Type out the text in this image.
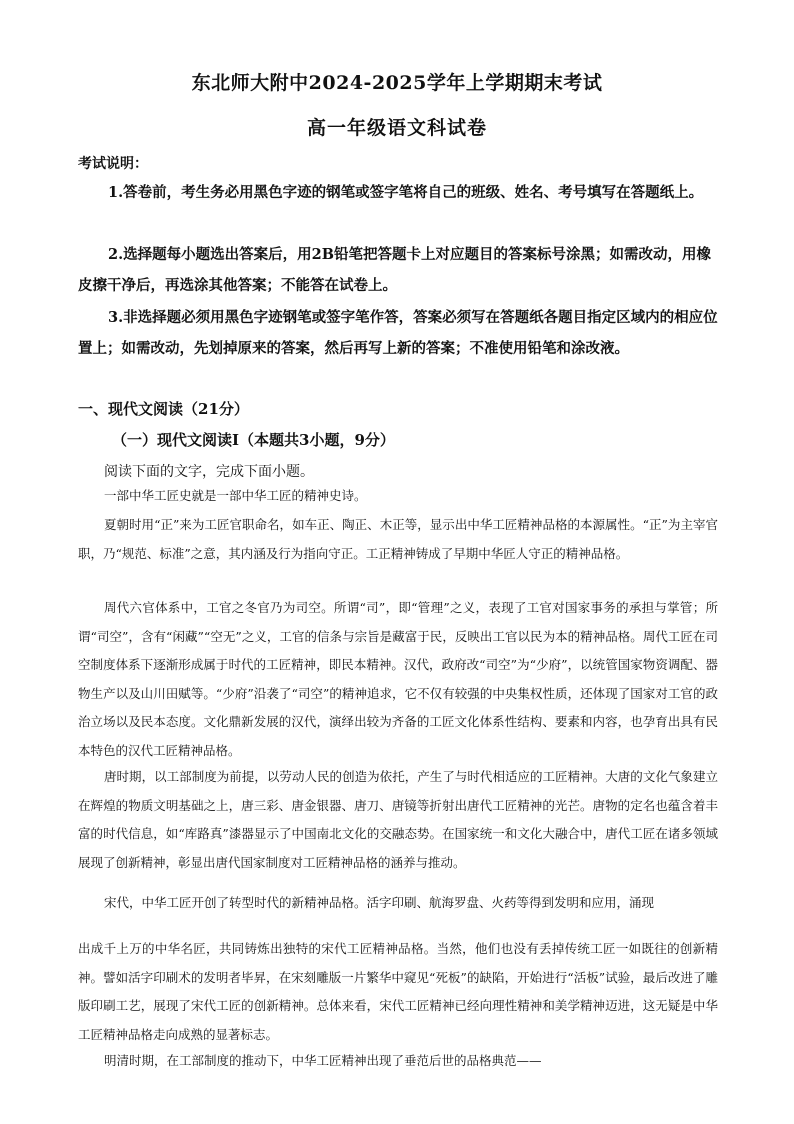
东北师大附中2024-2025学年上学期期末考试
高一年级语文科试卷
考试说明：
1.答卷前，考生务必用黑色字迹的钢笔或签字笔将自己的班级、姓名、考号填写在答题纸上。
2.选择题每小题选出答案后，用2B铅笔把答题卡上对应题目的答案标号涂黑；如需改动，用橡皮擦干净后，再选涂其他答案；不能答在试卷上。
3.非选择题必须用黑色字迹钢笔或签字笔作答，答案必须写在答题纸各题目指定区域内的相应位置上；如需改动，先划掉原来的答案，然后再写上新的答案；不准使用铅笔和涂改液。
一、现代文阅读（21分）
（一）现代文阅读Ⅰ（本题共3小题，9分）
阅读下面的文字，完成下面小题。
一部中华工匠史就是一部中华工匠的精神史诗。
夏朝时用“正”来为工匠官职命名，如车正、陶正、木正等，显示出中华工匠精神品格的本源属性。“正”为主宰官职，乃“规范、标准”之意，其内涵及行为指向守正。工正精神铸成了早期中华匠人守正的精神品格。
周代六官体系中，工官之冬官乃为司空。所谓“司”，即“管理”之义，表现了工官对国家事务的承担与掌管；所谓“司空”，含有“闲藏”“空无”之义，工官的信条与宗旨是藏富于民，反映出工官以民为本的精神品格。周代工匠在司空制度体系下逐渐形成属于时代的工匠精神，即民本精神。汉代，政府改“司空”为“少府”，以统管国家物资调配、器物生产以及山川田赋等。“少府”沿袭了“司空”的精神追求，它不仅有较强的中央集权性质，还体现了国家对工官的政治立场以及民本态度。文化鼎新发展的汉代，演绎出较为齐备的工匠文化体系性结构、要素和内容，也孕育出具有民本特色的汉代工匠精神品格。
唐时期，以工部制度为前提，以劳动人民的创造为依托，产生了与时代相适应的工匠精神。大唐的文化气象建立在辉煌的物质文明基础之上，唐三彩、唐金银器、唐刀、唐镜等折射出唐代工匠精神的光芒。唐物的定名也蕴含着丰富的时代信息，如“库路真”漆器显示了中国南北文化的交融态势。在国家统一和文化大融合中，唐代工匠在诸多领域展现了创新精神，彰显出唐代国家制度对工匠精神品格的涵养与推动。
宋代，中华工匠开创了转型时代的新精神品格。活字印刷、航海罗盘、火药等得到发明和应用，涌现
出成千上万的中华名匠，共同铸炼出独特的宋代工匠精神品格。当然，他们也没有丢掉传统工匠一如既往的创新精神。譬如活字印刷术的发明者毕昇，在宋刻雕版一片繁华中窥见“死板”的缺陷，开始进行“活板”试验，最后改进了雕版印刷工艺，展现了宋代工匠的创新精神。总体来看，宋代工匠精神已经向理性精神和美学精神迈进，这无疑是中华工匠精神品格走向成熟的显著标志。
明清时期，在工部制度的推动下，中华工匠精神出现了垂范后世的品格典范——
